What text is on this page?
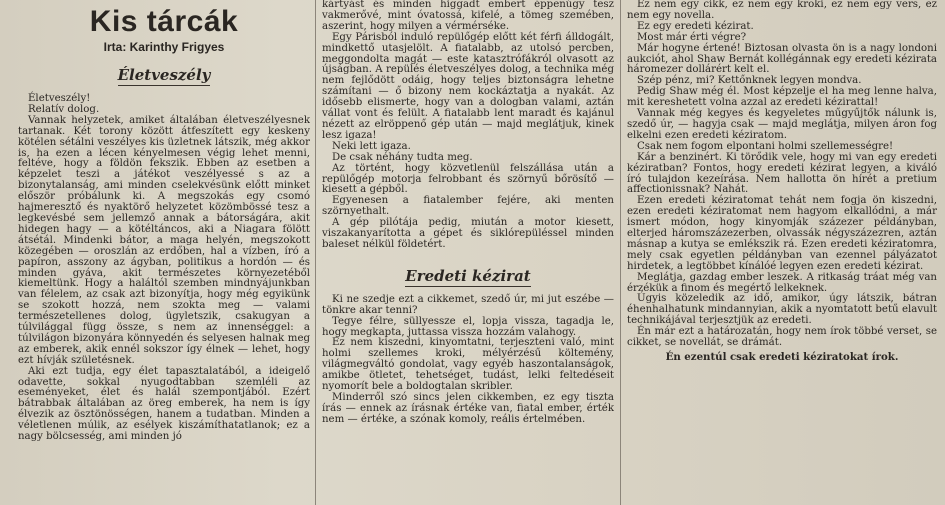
Kis tárcák
Irta: Karinthy Frigyes
Életveszély

Életveszély!

Relatív dolog.

Vannak helyzetek, amiket általában életveszélyesnek tartanak. Két torony között átfeszített egy keskeny kötélen sétálni veszélyes kis üzletnek látszik, még akkor is, ha ezen a lécen kényelmesen végig lehet menni, feltéve, hogy a földön fekszik. Ebben az esetben a képzelet teszi a játékot veszélyessé s az a bizonytalanság, ami minden cselekvésünk előtt minket először próbálunk ki. A megszokás egy csomó hajmeresztő és nyaktörő helyzetet közömbössé tesz a legkevésbé sem jellemző annak a bátorságára, akit hidegen hagy — a kötéltáncos, aki a Niagara fölött átsétál. Mindenki bátor, a maga helyén, megszokott közegében — oroszlán az erdőben, hal a vízben, író a papíron, asszony az ágyban, politikus a hordón — és minden gyáva, akit természetes környezetéből kiemeltünk. Hogy a haláltól szemben mindnyájunkban van félelem, az csak azt bizonyítja, hogy még egyikünk se szokott hozzá, nem szokta meg — valami természetellenes dolog, ügyletszik, csakugyan a túlvilággal függ össze, s nem az innenséggel: a túlvilágon bizonyára könnyedén és selyesen halnak meg az emberek, akik ennél sokszor így élnek — lehet, hogy ezt hívják születésnek.

Aki ezt tudja, egy élet tapasztalatából, a ideigelő odavette, sokkal nyugodtabban szemléli az eseményeket, élet és halál szempontjából. Ezért bátrabbak általában az öreg emberek, ha nem is így élvezik az ösztönösségen, hanem a tudatban. Minden a véletlenen múlik, az esélyek kiszámíthatatlanok; ez a nagy bölcsesség, ami minden jó

kártyást és minden higgadt embert éppenúgy tesz vakmerővé, mint óvatossá, kifelé, a tömeg szemében, aszerint, hogy milyen a vérmérséke.

Egy Párisból induló repülőgép előtt két férfi álldogált, mindkettő utasjelölt. A fiatalabb, az utolsó percben, meggondolta magát — este katasztrófákról olvasott az újságban. A repülés életveszélyes dolog, a technika még nem fejlődött odáig, hogy teljes biztonságra lehetne számítani — ő bizony nem kockáztatja a nyakát. Az idősebb elismerte, hogy van a dologban valami, aztán vállat vont és felült. A fiatalabb lent maradt és kajánul nézett az elröppenő gép után — majd meglátjuk, kinek lesz igaza!

Neki lett igaza.

De csak néhány tudta meg.

Az történt, hogy közvetlenül felszállása után a repülőgép motorja felrobbant és szörnyű bőrösítő — kiesett a gépből.

Egyenesen a fiatalember fejére, aki menten szörnyethalt.

A gép pilótája pedig, miután a motor kiesett, viszakanyarította a gépet és siklórepüléssel minden baleset nélkül földetért.

Eredeti kézirat

Ki ne szedje ezt a cikkemet, szedő úr, mi jut eszébe — tönkre akar tenni?

Tegye félre, süllyessze el, lopja vissza, tagadja le, hogy megkapta, juttassa vissza hozzám valahogy.

Ez nem kiszedni, kinyomtatni, terjeszteni való, mint holmi szellemes kroki, mélyérzésű költemény, világmegváltó gondolat, vagy egyéb haszontalanságok, amikbe ötletet, tehetséget, tudást, lelki feltedéseit nyomorít bele a boldogtalan skribler.

Minderről szó sincs jelen cikkemben, ez egy tiszta írás — ennek az írásnak értéke van, fiatal ember, érték nem — értéke, a szónak komoly, reális értelmében.

Ez nem egy cikk, ez nem egy kroki, ez nem egy vers, ez nem egy novella.

Ez egy eredeti kézirat.

Most már érti végre?

Már hogyne értené! Biztosan olvasta ön is a nagy londoni aukciót, ahol Shaw Bernát kollégánnak egy eredeti kézirata háromezer dollárért kelt el.

Szép pénz, mi? Kettőnknek legyen mondva.

Pedig Shaw még él. Most képzelje el ha meg lenne halva, mit kereshetett volna azzal az eredeti kézirattal!

Vannak még kegyes és kegyeletes műgyűjtők nálunk is, szedő úr, — hagyja csak — majd meglátja, milyen áron fog elkelni ezen eredeti kéziratom.

Csak nem fogom elpontani holmi szellemességre!

Kár a benzinért. Ki törődik vele, hogy mi van egy eredeti kéziratban? Fontos, hogy eredeti kézirat legyen, a kiváló író tulajdon kezeírása. Nem hallotta ön hírét a pretium affectionissnak? Nahát.

Ezen eredeti kéziratomat tehát nem fogja ön kiszedni, ezen eredeti kéziratomat nem hagyom elkallódni, a már ismert módon, hogy kinyomják százezer példányban, elterjed háromszázezerben, olvassák négyszázezren, aztán másnap a kutya se emlékszik rá. Ezen eredeti kéziratomra, mely csak egyetlen példányban van ezennel pályázatot hirdetek, a legtöbbet kínálóé legyen ezen eredeti kézirat.

Meglátja, gazdag ember leszek. A ritkaság tráat még van érzékük a finom és megértő lelkeknek.

Úgyis közeledik az idő, amikor, úgy látszik, bátran éhenhalhatunk mindannyian, akik a nyomtatott betű elavult technikájával terjesztjük az eredeti.

Én már ezt a határozatán, hogy nem írok többé verset, se cikket, se novellát, se drámát.

Én ezentúl csak eredeti kéziratokat írok.
